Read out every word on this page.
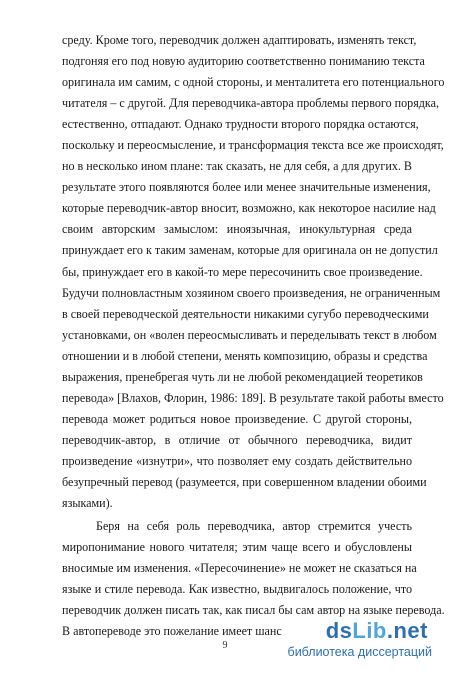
среду. Кроме того, переводчик должен адаптировать, изменять текст,
подгоняя его под новую аудиторию соответственно пониманию текста
оригинала им самим, с одной стороны, и менталитета его потенциального
читателя – с другой. Для переводчика-автора проблемы первого порядка,
естественно, отпадают. Однако трудности второго порядка остаются,
поскольку и переосмысление, и трансформация текста все же происходят,
но в несколько ином плане: так сказать, не для себя, а для других. В
результате этого появляются более или менее значительные изменения,
которые переводчик-автор вносит, возможно, как некоторое насилие над
своим авторским замыслом: иноязычная, инокультурная среда
принуждает его к таким заменам, которые для оригинала он не допустил
бы, принуждает его в какой-то мере пересочинить свое произведение.
Будучи полновластным хозяином своего произведения, не ограниченным
в своей переводческой деятельности никакими сугубо переводческими
установками, он «волен переосмысливать и переделывать текст в любом
отношении и в любой степени, менять композицию, образы и средства
выражения, пренебрегая чуть ли не любой рекомендацией теоретиков
перевода» [Влахов, Флорин, 1986: 189]. В результате такой работы вместо
перевода может родиться новое произведение. С другой стороны,
переводчик-автор, в отличие от обычного переводчика, видит
произведение «изнутри», что позволяет ему создать действительно
безупречный перевод (разумеется, при совершенном владении обоими
языками).
Беря на себя роль переводчика, автор стремится учесть
миропонимание нового читателя; этим чаще всего и обусловлены
вносимые им изменения. «Пересочинение» не может не сказаться на
языке и стиле перевода. Как известно, выдвигалось положение, что
переводчик должен писать так, как писал бы сам автор на языке перевода.
В автопереводе это пожелание имеет шанс
9
dsLib.net
библиотека диссертаций
